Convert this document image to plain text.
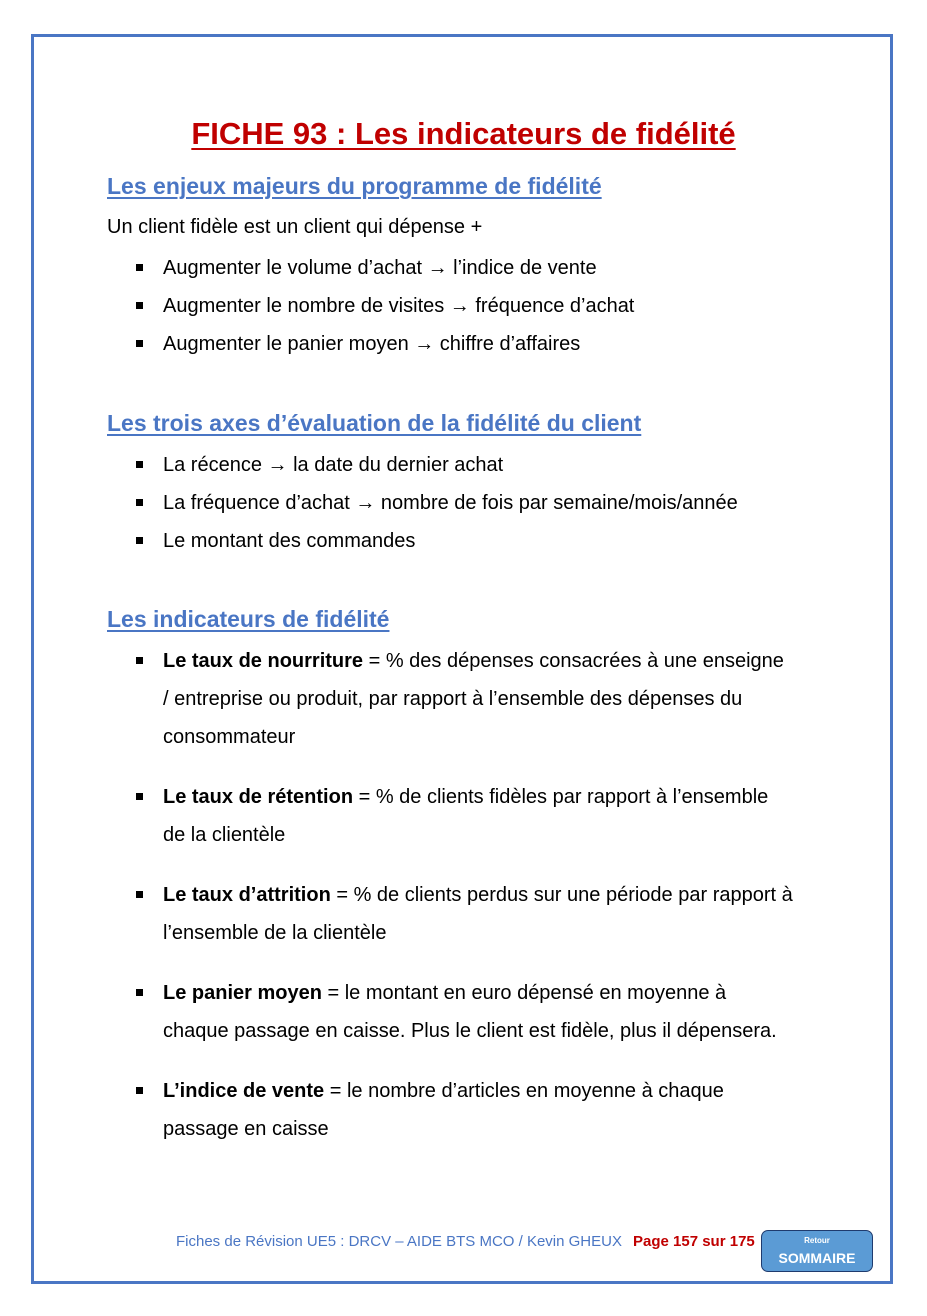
FICHE 93 : Les indicateurs de fidélité
Les enjeux majeurs du programme de fidélité

Un client fidèle est un client qui dépense +

Augmenter le volume d’achat → l’indice de vente
Augmenter le nombre de visites → fréquence d’achat
Augmenter le panier moyen → chiffre d’affaires
Les trois axes d’évaluation de la fidélité du client
La récence → la date du dernier achat
La fréquence d’achat → nombre de fois par semaine/mois/année
Le montant des commandes
Les indicateurs de fidélité
Le taux de nourriture = % des dépenses consacrées à une enseigne / entreprise ou produit, par rapport à l’ensemble des dépenses du consommateur
Le taux de rétention = % de clients fidèles par rapport à l’ensemble de la clientèle
Le taux d’attrition = % de clients perdus sur une période par rapport à l’ensemble de la clientèle
Le panier moyen = le montant en euro dépensé en moyenne à chaque passage en caisse. Plus le client est fidèle, plus il dépensera.
L’indice de vente = le nombre d’articles en moyenne à chaque passage en caisse
Fiches de Révision UE5 : DRCV – AIDE BTS MCO / Kevin GHEUX Page 157 sur 175	Retour
SOMMAIRE
